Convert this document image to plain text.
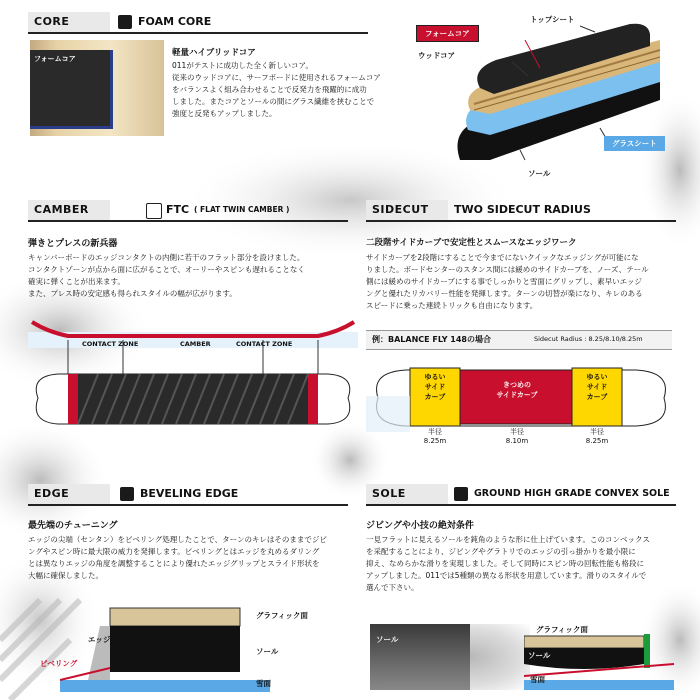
CORE	FOAM CORE
フォームコア
軽量ハイブリッドコア
011がテストに成功した全く新しいコア。
従来のウッドコアに、サーフボードに使用されるフォームコア
をバランスよく組み合わせることで反発力を飛躍的に成功
しました。またコアとソールの間にグラス繊維を挟むことで
強度と反発もアップしました。
フォームコア
ウッドコア
トップシート
グラスシート
ソール
CAMBER	FTC ( FLAT TWIN CAMBER )
弾きとプレスの新兵器
キャンバーボードのエッジコンタクトの内側に若干のフラット部分を設けました。
コンタクトゾーンが点から面に広がることで、オーリーやスピンも遅れることなく
確実に弾くことが出来ます。
また、プレス時の安定感も得られスタイルの幅が広がります。
CONTACT ZONE	CAMBER	CONTACT ZONE
SIDECUT	TWO SIDECUT RADIUS
二段階サイドカーブで安定性とスムースなエッジワーク
サイドカーブを2段階にすることで今までにないクイックなエッジングが可能にな
りました。ボードセンターのスタンス間には緩めのサイドカーブを、ノーズ、テール
側には緩めのサイドカーブにする事でしっかりと雪面にグリップし、素早いエッジ
ングと優れたリカバリー性能を発揮します。ターンの切替が楽になり、キレのある
スピードに乗った連続トリックも自由になります。
例：BALANCE FLY 148の場合	Sidecut Radius : 8.25/8.10/8.25m
ゆるい
サイド
カーブ
きつめの
サイドカーブ
ゆるい
サイド
カーブ
半径
8.25m
半径
8.10m
半径
8.25m
EDGE	BEVELING EDGE
最先端のチューニング
エッジの尖端（センタン）をビベリング処理したことで、ターンのキレはそのままでジビ
ングやスピン時に最大限の威力を発揮します。ビベリングとはエッジを丸めるダリング
とは異なりエッジの角度を調整することにより優れたエッジグリップとスライド形状を
大幅に確保しました。
グラフィック面
エッジ
ソール
ビベリング
雪面
SOLE	GROUND HIGH GRADE CONVEX SOLE
ジビングや小技の絶対条件
一見フラットに見えるソールを鈍角のような形に仕上げています。このコンベックス
を采配することにより、ジビングやグラトリでのエッジの引っ掛かりを最小限に
抑え、なめらかな滑りを実現しました。そして同時にスピン時の回転性能も格段に
アップしました。011では5種類の異なる形状を用意しています。滑りのスタイルで
選んで下さい。
ソール
グラフィック面
ソール
雪面
